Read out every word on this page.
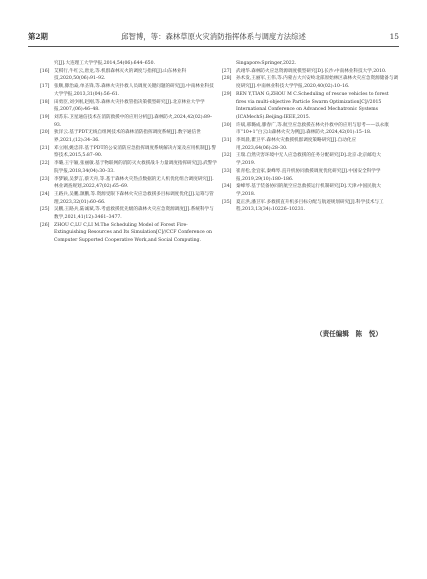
第2期	邱智博，等：森林草原火灾消防指挥体系与调度方法综述	15
究[J].大连理工大学学报,2014,54(06):644–650.
[16] 艾棋行,牛红云,唐龙,等.机群森林灭火的调度与指挥[J].山东林业科技,2020,50(06):91–92.
[17] 张顺,滕治焱,单圣锋,等.森林火灾扑救人员调度关键问题的研究[J].中南林业科技大学学报,2013,31(04):56–61.
[18] 田勇臣,刘少刚,赵刚,等.森林火灾扑救管指决策模型研究[J].北京林业大学学报,2007,(06):46–48.
[19] 刘苏东.卫星通信技术在消防救援中的应用分析[J].森林防火,2024,42(02):89–93.
[20] 狄洋云.基于PDT无线自组网技术的森林消防指挥调度系统[J].数字通信世界,2021,(12):34–36.
[21] 邓立刚,姚忠萍.基于PDT的公安消防应急指挥调度系统解决方案及应用机制[J].警察技术,2015,5:87–90.
[22] 李璐,王宇颖,张丽敏.基于物联网的消防灭火救援战斗力量调度指挥研究[J].武警学院学报,2018,34(04):30–33.
[23] 李梦颖,吴梦言,蔡天舟,等.基于森林火灾热点数据的无人机优化组合调度研究[J].林业调查规划,2022,47(02):65–69.
[24] 王路兵,吴鹏,颉鹏,等.资源受限下森林火灾应急救援多目标调度优化[J].运筹与管理,2023,32(01):60–66.
[25] 吴鹏,王路兵,陆诚斌,等.考虑救援优先级的森林火灾应急资源调度[J].系统科学与数学,2021,41(12):3461–3477.
[26] ZHOU C,LU C,LI M.The Scheduling Model of Forest Fire-Extinguishing Resources and Its Simulation[C]//CCF Conference on Computer Supported Cooperative Work,and Social Computing.
Singapore:Springer,2022.
[27] 武翊华.森林防火应急资源调度模型研究[D].长沙:中南林业科技大学,2010.
[28] 孙术发,王丽军,王伟,等.内蒙古大兴安岭北部原始林区森林火灾应急资源储备与调度研究[J].中南林业科技大学学报,2020,40(02):10–16.
[29] REN Y,TIAN G,ZHOU M C.Scheduling of rescue vehicles to forest fires via multi-objective Particle Swarm Optimization[C]//2015 International Conference on Advanced Mechatronic Systems (ICAMechS).Beijing:IEEE,2015.
[30] 许斌,邢璐成,滕春广,等.航空应急救援在林火扑救中的应用与思考——以永康市“10+1”白云山森林火灾为例[J].森林防火,2024,42(01):15–18.
[31] 李周晨,瞿卫平.森林火灾救援机群调度策略研究[J].自动化应用,2023,64(06):28–30.
[32] 王瑞.自然灾害环境中无人应急救援的任务分配研究[D].北京:北京邮电大学,2019.
[33] 崔青松,金宜家,秦峰琴.直升机协同救援调度优化研究[J].中国安全科学学报,2019,29(10):180–186.
[34] 秦峰琴.基于装备协同的航空应急救援运行机制研究[D].天津:中国民航大学,2018.
[35] 夏正洪,潘卫军.多救援直升机多目标分配与航迹规划研究[J].科学技术与工程,2013,13(34):10226–10231.
（责任编辑　陈　悦）
